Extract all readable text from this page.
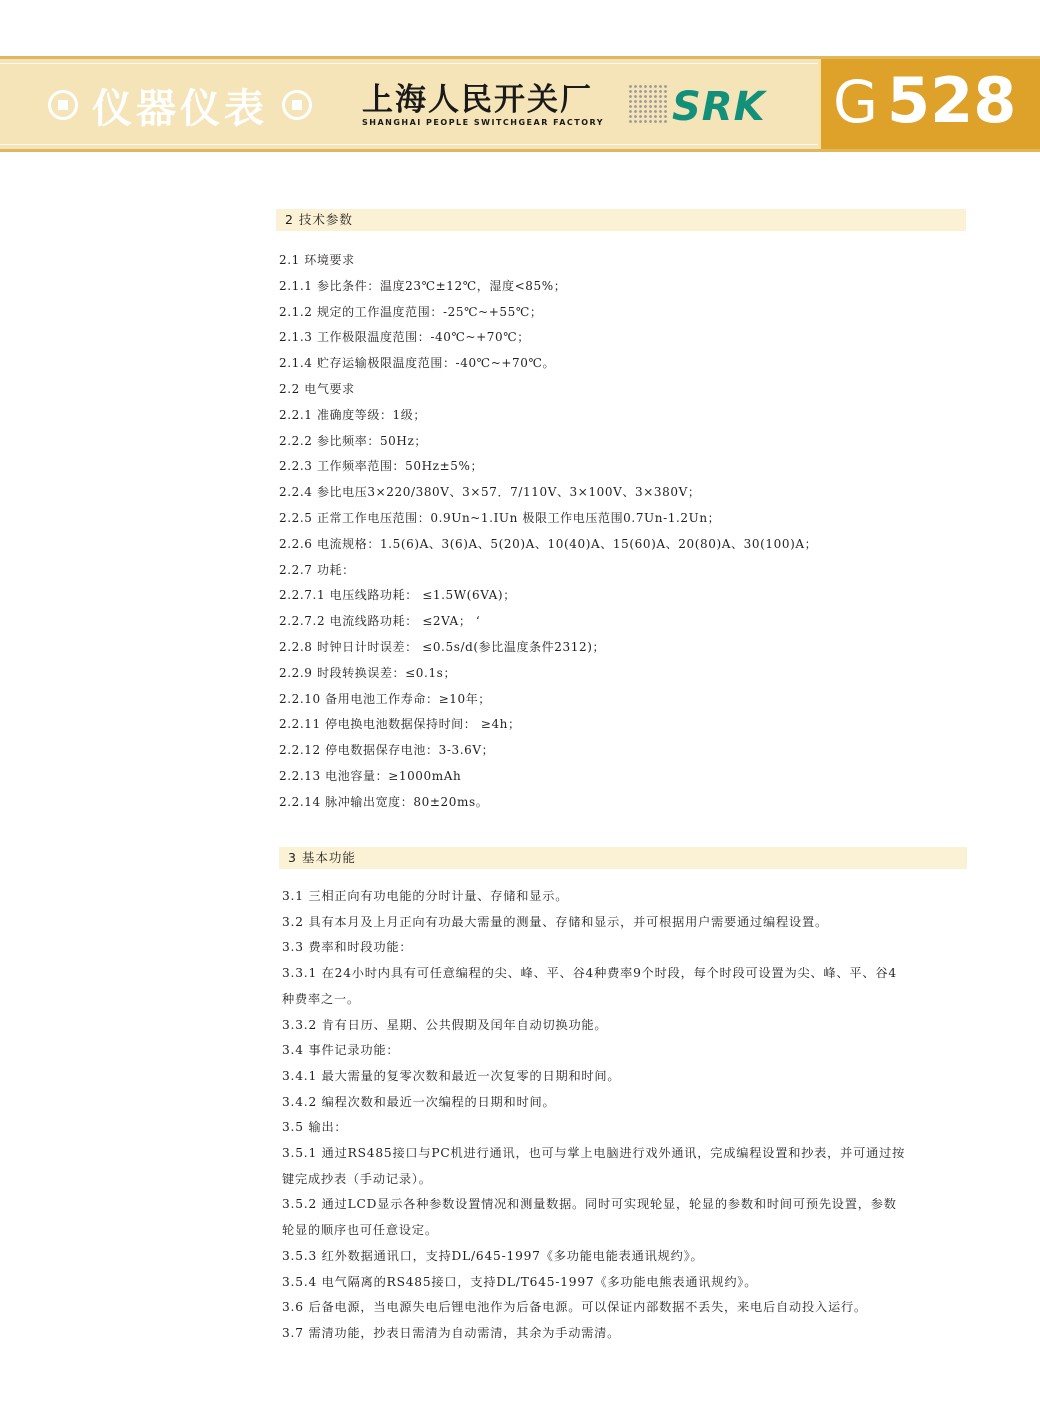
仪器仪表	上海人民开关厂
SHANGHAI PEOPLE SWITCHGEAR FACTORY SRK G 528
2 技术参数
2.1 环境要求
2.1.1 参比条件：温度23℃±12℃，湿度<85%；
2.1.2 规定的工作温度范围：-25℃~+55℃；
2.1.3 工作极限温度范围：-40℃~+70℃；
2.1.4 贮存运输极限温度范围：-40℃~+70℃。
2.2 电气要求
2.2.1 准确度等级：1级；
2.2.2 参比频率：50Hz；
2.2.3 工作频率范围：50Hz±5%；
2.2.4 参比电压3×220/380V、3×57．7/110V、3×100V、3×380V；
2.2.5 正常工作电压范围：0.9Un~1.IUn 极限工作电压范围0.7Un-1.2Un；
2.2.6 电流规格：1.5(6)A、3(6)A、5(20)A、10(40)A、15(60)A、20(80)A、30(100)A；
2.2.7 功耗：
2.2.7.1 电压线路功耗： ≤1.5W(6VA)；
2.2.7.2 电流线路功耗： ≤2VA； ‘
2.2.8 时钟日计时误差： ≤0.5s/d(参比温度条件2312)；
2.2.9 时段转换误差：≤0.1s；
2.2.10 备用电池工作寿命：≥10年；
2.2.11 停电换电池数据保持时间： ≥4h；
2.2.12 停电数据保存电池：3-3.6V；
2.2.13 电池容量：≥1000mAh
2.2.14 脉冲输出宽度：80±20ms。
3 基本功能
3.1 三相正向有功电能的分时计量、存储和显示。
3.2 具有本月及上月正向有功最大需量的测量、存储和显示，并可根据用户需要通过编程设置。
3.3 费率和时段功能：
3.3.1 在24小时内具有可任意编程的尖、峰、平、谷4种费率9个时段，每个时段可设置为尖、峰、平、谷4
种费率之一。
3.3.2 肯有日历、星期、公共假期及闰年自动切换功能。
3.4 事件记录功能：
3.4.1 最大需量的复零次数和最近一次复零的日期和时间。
3.4.2 编程次数和最近一次编程的日期和时间。
3.5 输出：
3.5.1 通过RS485接口与PC机进行通讯，也可与掌上电脑进行戏外通讯，完成编程设置和抄表，并可通过按
键完成抄表（手动记录）。
3.5.2 通过LCD显示各种参数设置情况和测量数据。同时可实现轮显，轮显的参数和时间可预先设置，参数
轮显的顺序也可任意设定。
3.5.3 红外数据通讯口，支持DL/645-1997《多功能电能表通讯规约》。
3.5.4 电气隔离的RS485接口，支持DL/T645-1997《多功能电熊表通讯规约》。
3.6 后备电源，当电源失电后锂电池作为后备电源。可以保证内部数据不丢失，来电后自动投入运行。
3.7 需清功能，抄表日需清为自动需清，其余为手动需清。
